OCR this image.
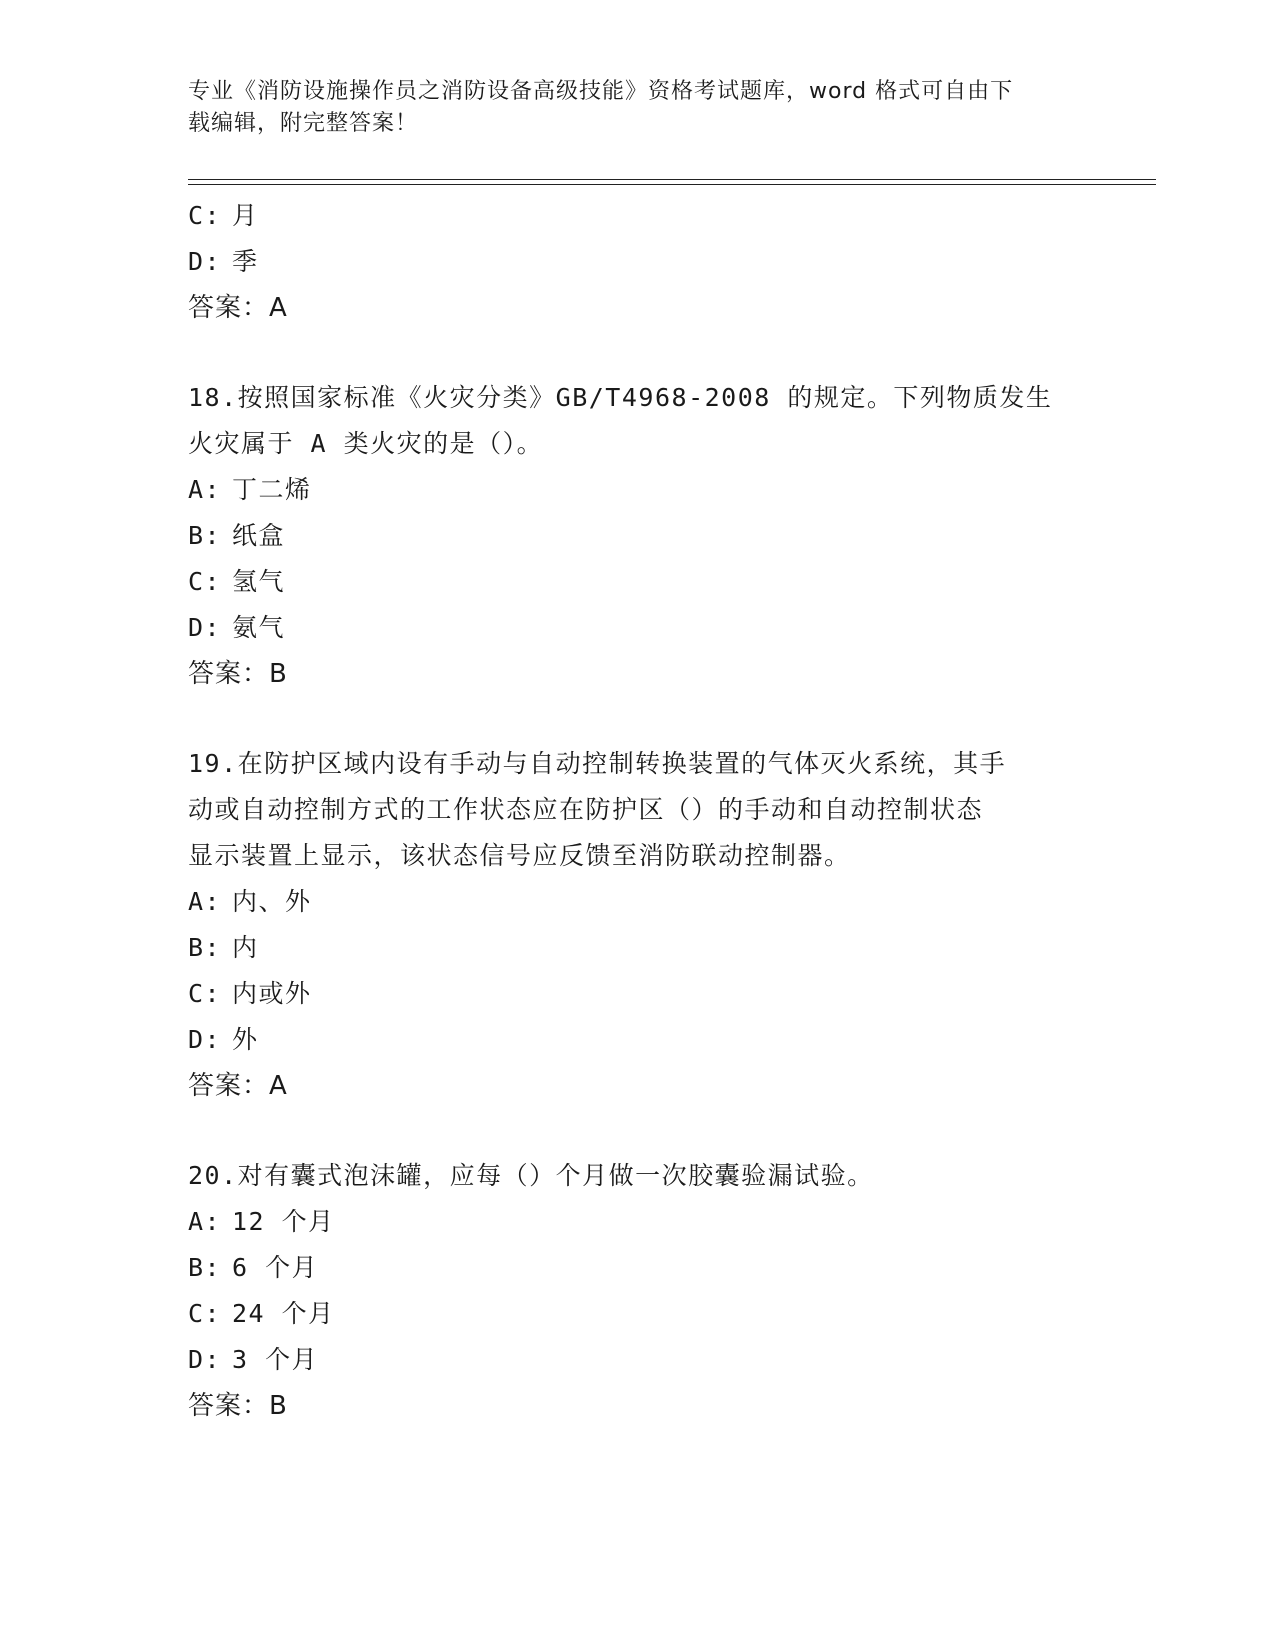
专业《消防设施操作员之消防设备高级技能》资格考试题库，word 格式可自由下
载编辑，附完整答案！
C: 月
D: 季
答案：A
18.按照国家标准《火灾分类》GB/T4968-2008 的规定。下列物质发生
火灾属于 A 类火灾的是（）。
A: 丁二烯
B: 纸盒
C: 氢气
D: 氨气
答案：B
19.在防护区域内设有手动与自动控制转换装置的气体灭火系统，其手
动或自动控制方式的工作状态应在防护区（）的手动和自动控制状态
显示装置上显示，该状态信号应反馈至消防联动控制器。
A: 内、外
B: 内
C: 内或外
D: 外
答案：A
20.对有囊式泡沫罐，应每（）个月做一次胶囊验漏试验。
A: 12 个月
B: 6 个月
C: 24 个月
D: 3 个月
答案：B
